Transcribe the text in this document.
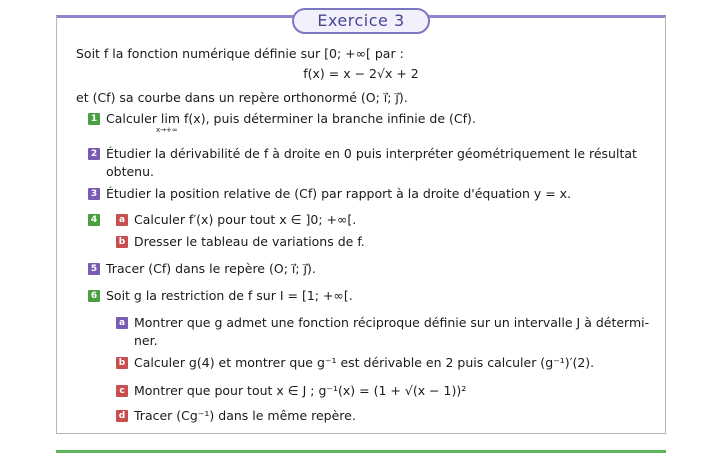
Exercice 3
Soit f la fonction numérique définie sur [0; +∞[ par :
f(x) = x − 2√x + 2
et (Cf) sa courbe dans un repère orthonormé (O; i⃗; j⃗).
1 Calculer lim f(x), puis déterminer la branche infinie de (Cf).
x→+∞
2 Étudier la dérivabilité de f à droite en 0 puis interpréter géométriquement le résultat
obtenu.
3 Étudier la position relative de (Cf) par rapport à la droite d'équation y = x.
4	a Calculer f′(x) pour tout x ∈ ]0; +∞[.
b Dresser le tableau de variations de f.
5 Tracer (Cf) dans le repère (O; i⃗; j⃗).
6 Soit g la restriction de f sur I = [1; +∞[.
a Montrer que g admet une fonction réciproque définie sur un intervalle J à détermi-
ner.
b Calculer g(4) et montrer que g⁻¹ est dérivable en 2 puis calculer (g⁻¹)′(2).
c Montrer que pour tout x ∈ J ; g⁻¹(x) = (1 + √(x − 1))²
d Tracer (Cg⁻¹) dans le même repère.
